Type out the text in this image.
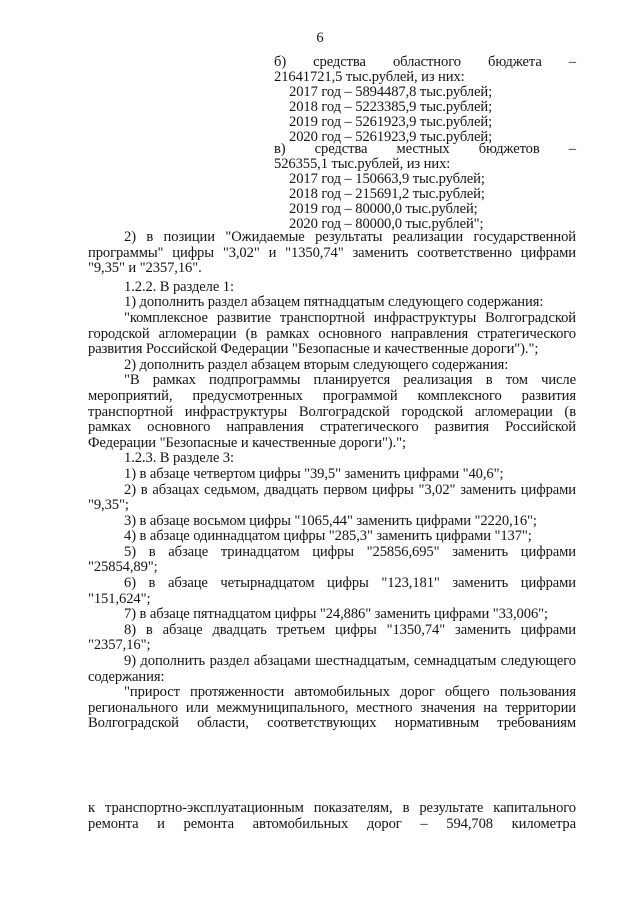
6
б) средства областного бюджета –
21641721,5 тыс.рублей, из них:
2017 год – 5894487,8 тыс.рублей;
2018 год – 5223385,9 тыс.рублей;
2019 год – 5261923,9 тыс.рублей;
2020 год – 5261923,9 тыс.рублей;
в) средства местных бюджетов –
526355,1 тыс.рублей, из них:
2017 год – 150663,9 тыс.рублей;
2018 год – 215691,2 тыс.рублей;
2019 год – 80000,0 тыс.рублей;
2020 год – 80000,0 тыс.рублей";

2) в позиции "Ожидаемые результаты реализации государственной программы" цифры "3,02" и "1350,74" заменить соответственно цифрами "9,35" и "2357,16".

1.2.2. В разделе 1:

1) дополнить раздел абзацем пятнадцатым следующего содержания:

"комплексное развитие транспортной инфраструктуры Волгоградской городской агломерации (в рамках основного направления стратегического развития Российской Федерации "Безопасные и качественные дороги").";

2) дополнить раздел абзацем вторым следующего содержания:

"В рамках подпрограммы планируется реализация в том числе мероприятий, предусмотренных программой комплексного развития транспортной инфраструктуры Волгоградской городской агломерации (в рамках основного направления стратегического развития Российской Федерации "Безопасные и качественные дороги").";

1.2.3. В разделе 3:

1) в абзаце четвертом цифры "39,5" заменить цифрами "40,6";

2) в абзацах седьмом, двадцать первом цифры "3,02" заменить цифрами "9,35";

3) в абзаце восьмом цифры "1065,44" заменить цифрами "2220,16";

4) в абзаце одиннадцатом цифры "285,3" заменить цифрами "137";

5) в абзаце тринадцатом цифры "25856,695" заменить цифрами "25854,89";

6) в абзаце четырнадцатом цифры "123,181" заменить цифрами "151,624";

7) в абзаце пятнадцатом цифры "24,886" заменить цифрами "33,006";

8) в абзаце двадцать третьем цифры "1350,74" заменить цифрами "2357,16";

9) дополнить раздел абзацами шестнадцатым, семнадцатым следующего содержания:

"прирост протяженности автомобильных дорог общего пользования регионального или межмуниципального, местного значения на территории Волгоградской области, соответствующих нормативным требованиям

к транспортно-эксплуатационным показателям, в результате капитального

ремонта и ремонта автомобильных дорог – 594,708 километра
